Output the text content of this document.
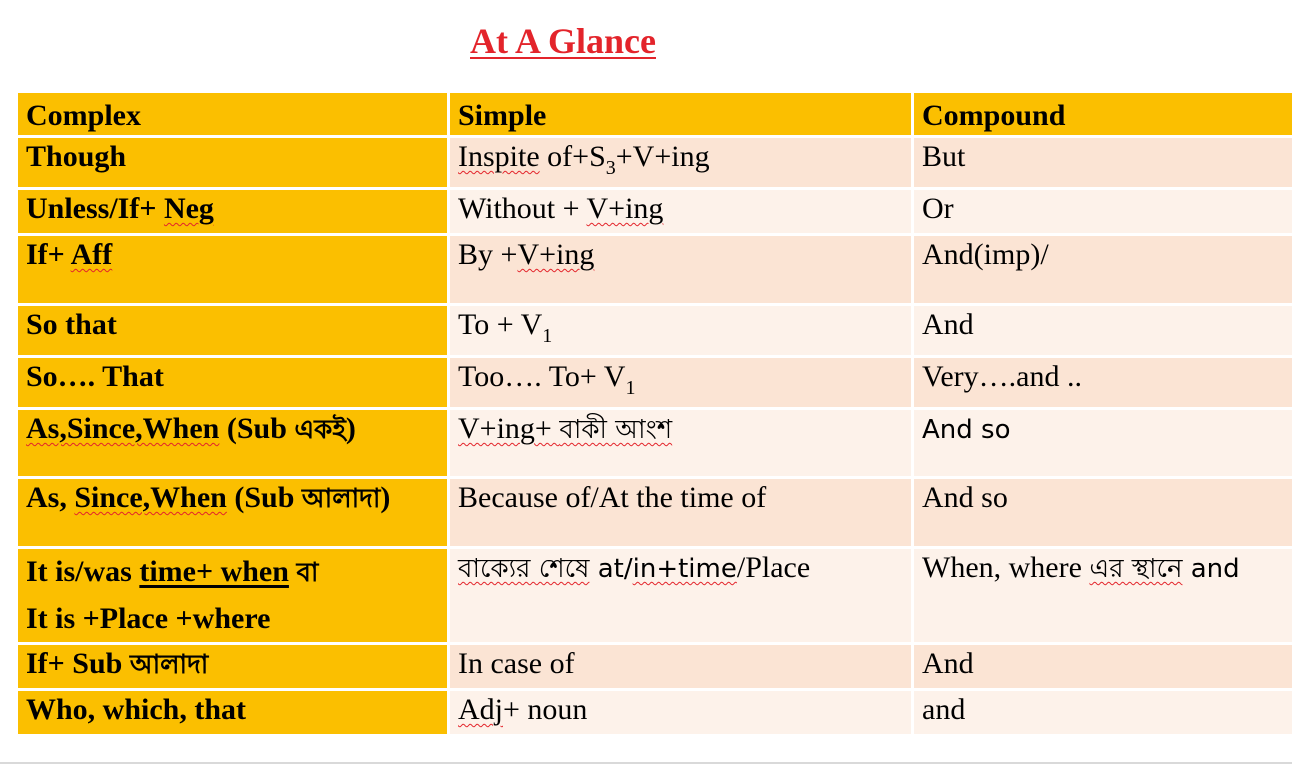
At A Glance
Complex	Simple	Compound
Though	Inspite $of+S_3+V+ing$	But
Unless/If+ Neg	Without + V+ing	Or
If+ Aff	By +V+ing	And(imp)/
So that	$To + V_1$	And
So…. That	Too…. $To+ V_1$	Very….and ..
As,Since,When (Sub একই)	V+ing+ বাকী আংশ	And so
As, Since,When (Sub আলাদা)	Because of/At the time of	And so
It is/was time+ when বা
It is +Place +where	বাক্যের শেষে at/in+time/Place	When, where এর স্থানে and
If+ Sub আলাদা	In case of	And
Who, which, that	Adj+ noun	and
